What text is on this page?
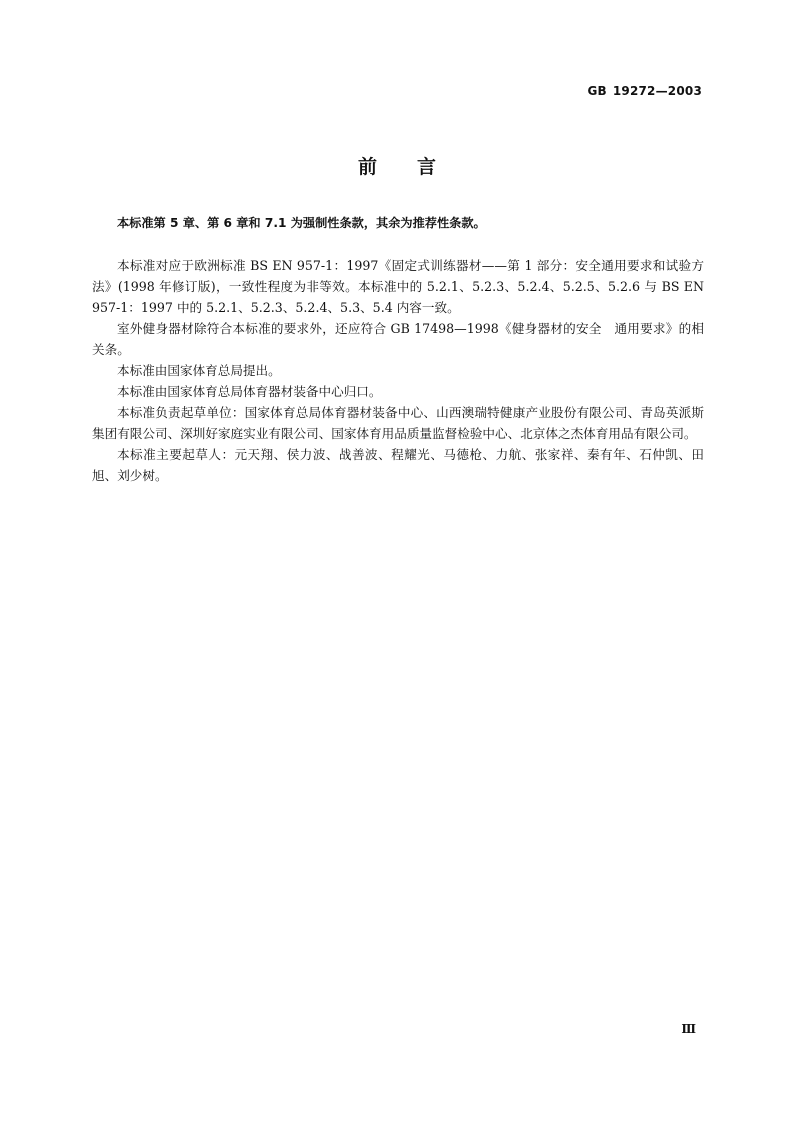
GB 19272—2003
前言

本标准第 5 章、第 6 章和 7.1 为强制性条款，其余为推荐性条款。

本标准对应于欧洲标准 BS EN 957-1：1997《固定式训练器材——第 1 部分：安全通用要求和试验方法》(1998 年修订版)，一致性程度为非等效。本标准中的 5.2.1、5.2.3、5.2.4、5.2.5、5.2.6 与 BS EN 957-1：1997 中的 5.2.1、5.2.3、5.2.4、5.3、5.4 内容一致。

室外健身器材除符合本标准的要求外，还应符合 GB 17498—1998《健身器材的安全　通用要求》的相关条。

本标准由国家体育总局提出。

本标准由国家体育总局体育器材装备中心归口。

本标准负责起草单位：国家体育总局体育器材装备中心、山西澳瑞特健康产业股份有限公司、青岛英派斯集团有限公司、深圳好家庭实业有限公司、国家体育用品质量监督检验中心、北京体之杰体育用品有限公司。

本标准主要起草人：元天翔、侯力波、战善波、程耀光、马德枪、力航、张家祥、秦有年、石仲凯、田旭、刘少树。

Ⅲ
